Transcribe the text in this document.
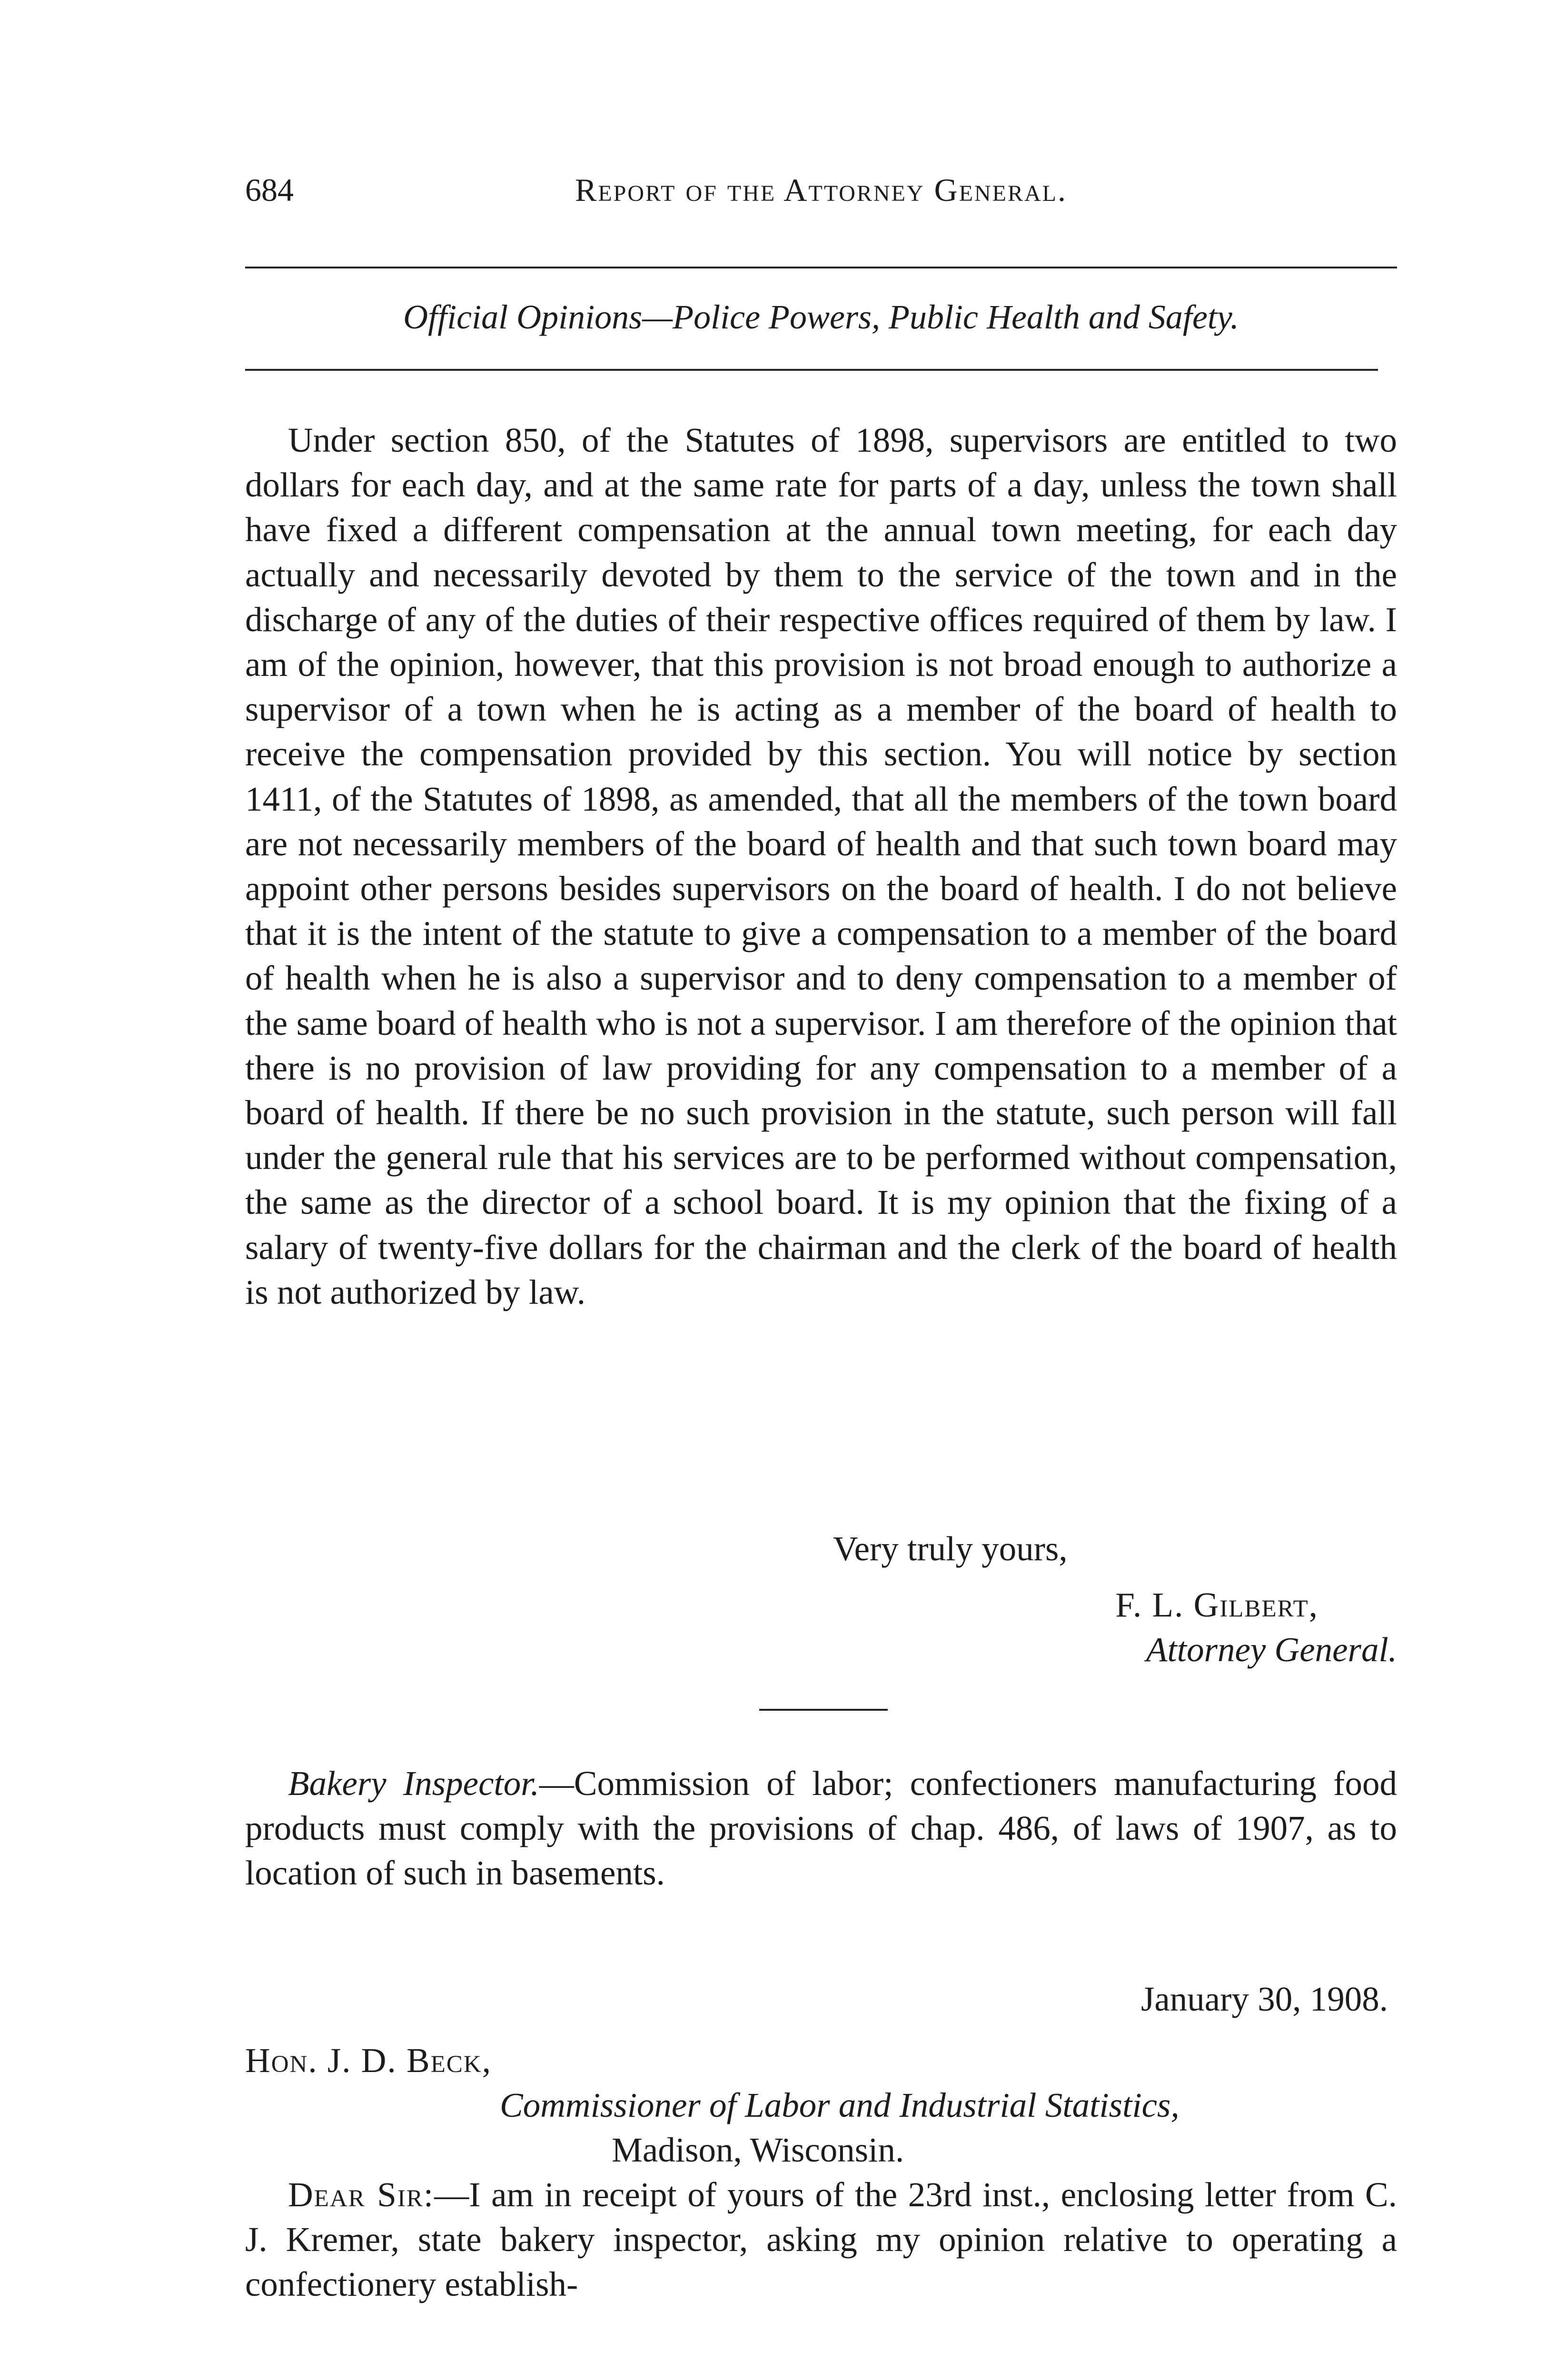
684	Report of the Attorney General.
Official Opinions—Police Powers, Public Health and Safety.

Under section 850, of the Statutes of 1898, supervisors are entitled to two dollars for each day, and at the same rate for parts of a day, unless the town shall have fixed a different compensation at the annual town meeting, for each day actually and necessarily devoted by them to the service of the town and in the discharge of any of the duties of their respective offices required of them by law. I am of the opinion, however, that this provision is not broad enough to authorize a supervisor of a town when he is acting as a member of the board of health to receive the compensation provided by this section. You will notice by section 1411, of the Statutes of 1898, as amended, that all the members of the town board are not necessarily members of the board of health and that such town board may appoint other persons besides supervisors on the board of health. I do not believe that it is the intent of the statute to give a compensation to a member of the board of health when he is also a supervisor and to deny compensation to a member of the same board of health who is not a supervisor. I am therefore of the opinion that there is no provision of law providing for any compensation to a member of a board of health. If there be no such provision in the statute, such person will fall under the general rule that his services are to be performed without compensation, the same as the director of a school board. It is my opinion that the fixing of a salary of twenty-five dollars for the chairman and the clerk of the board of health is not authorized by law.

Very truly yours,
F. L. Gilbert,
Attorney General.

Bakery Inspector.—Commission of labor; confectioners manufacturing food products must comply with the provisions of chap. 486, of laws of 1907, as to location of such in basements.

January 30, 1908.
Hon. J. D. Beck,
Commissioner of Labor and Industrial Statistics,
Madison, Wisconsin.

Dear Sir:—I am in receipt of yours of the 23rd inst., enclosing letter from C. J. Kremer, state bakery inspector, asking my opinion relative to operating a confectionery establish-
